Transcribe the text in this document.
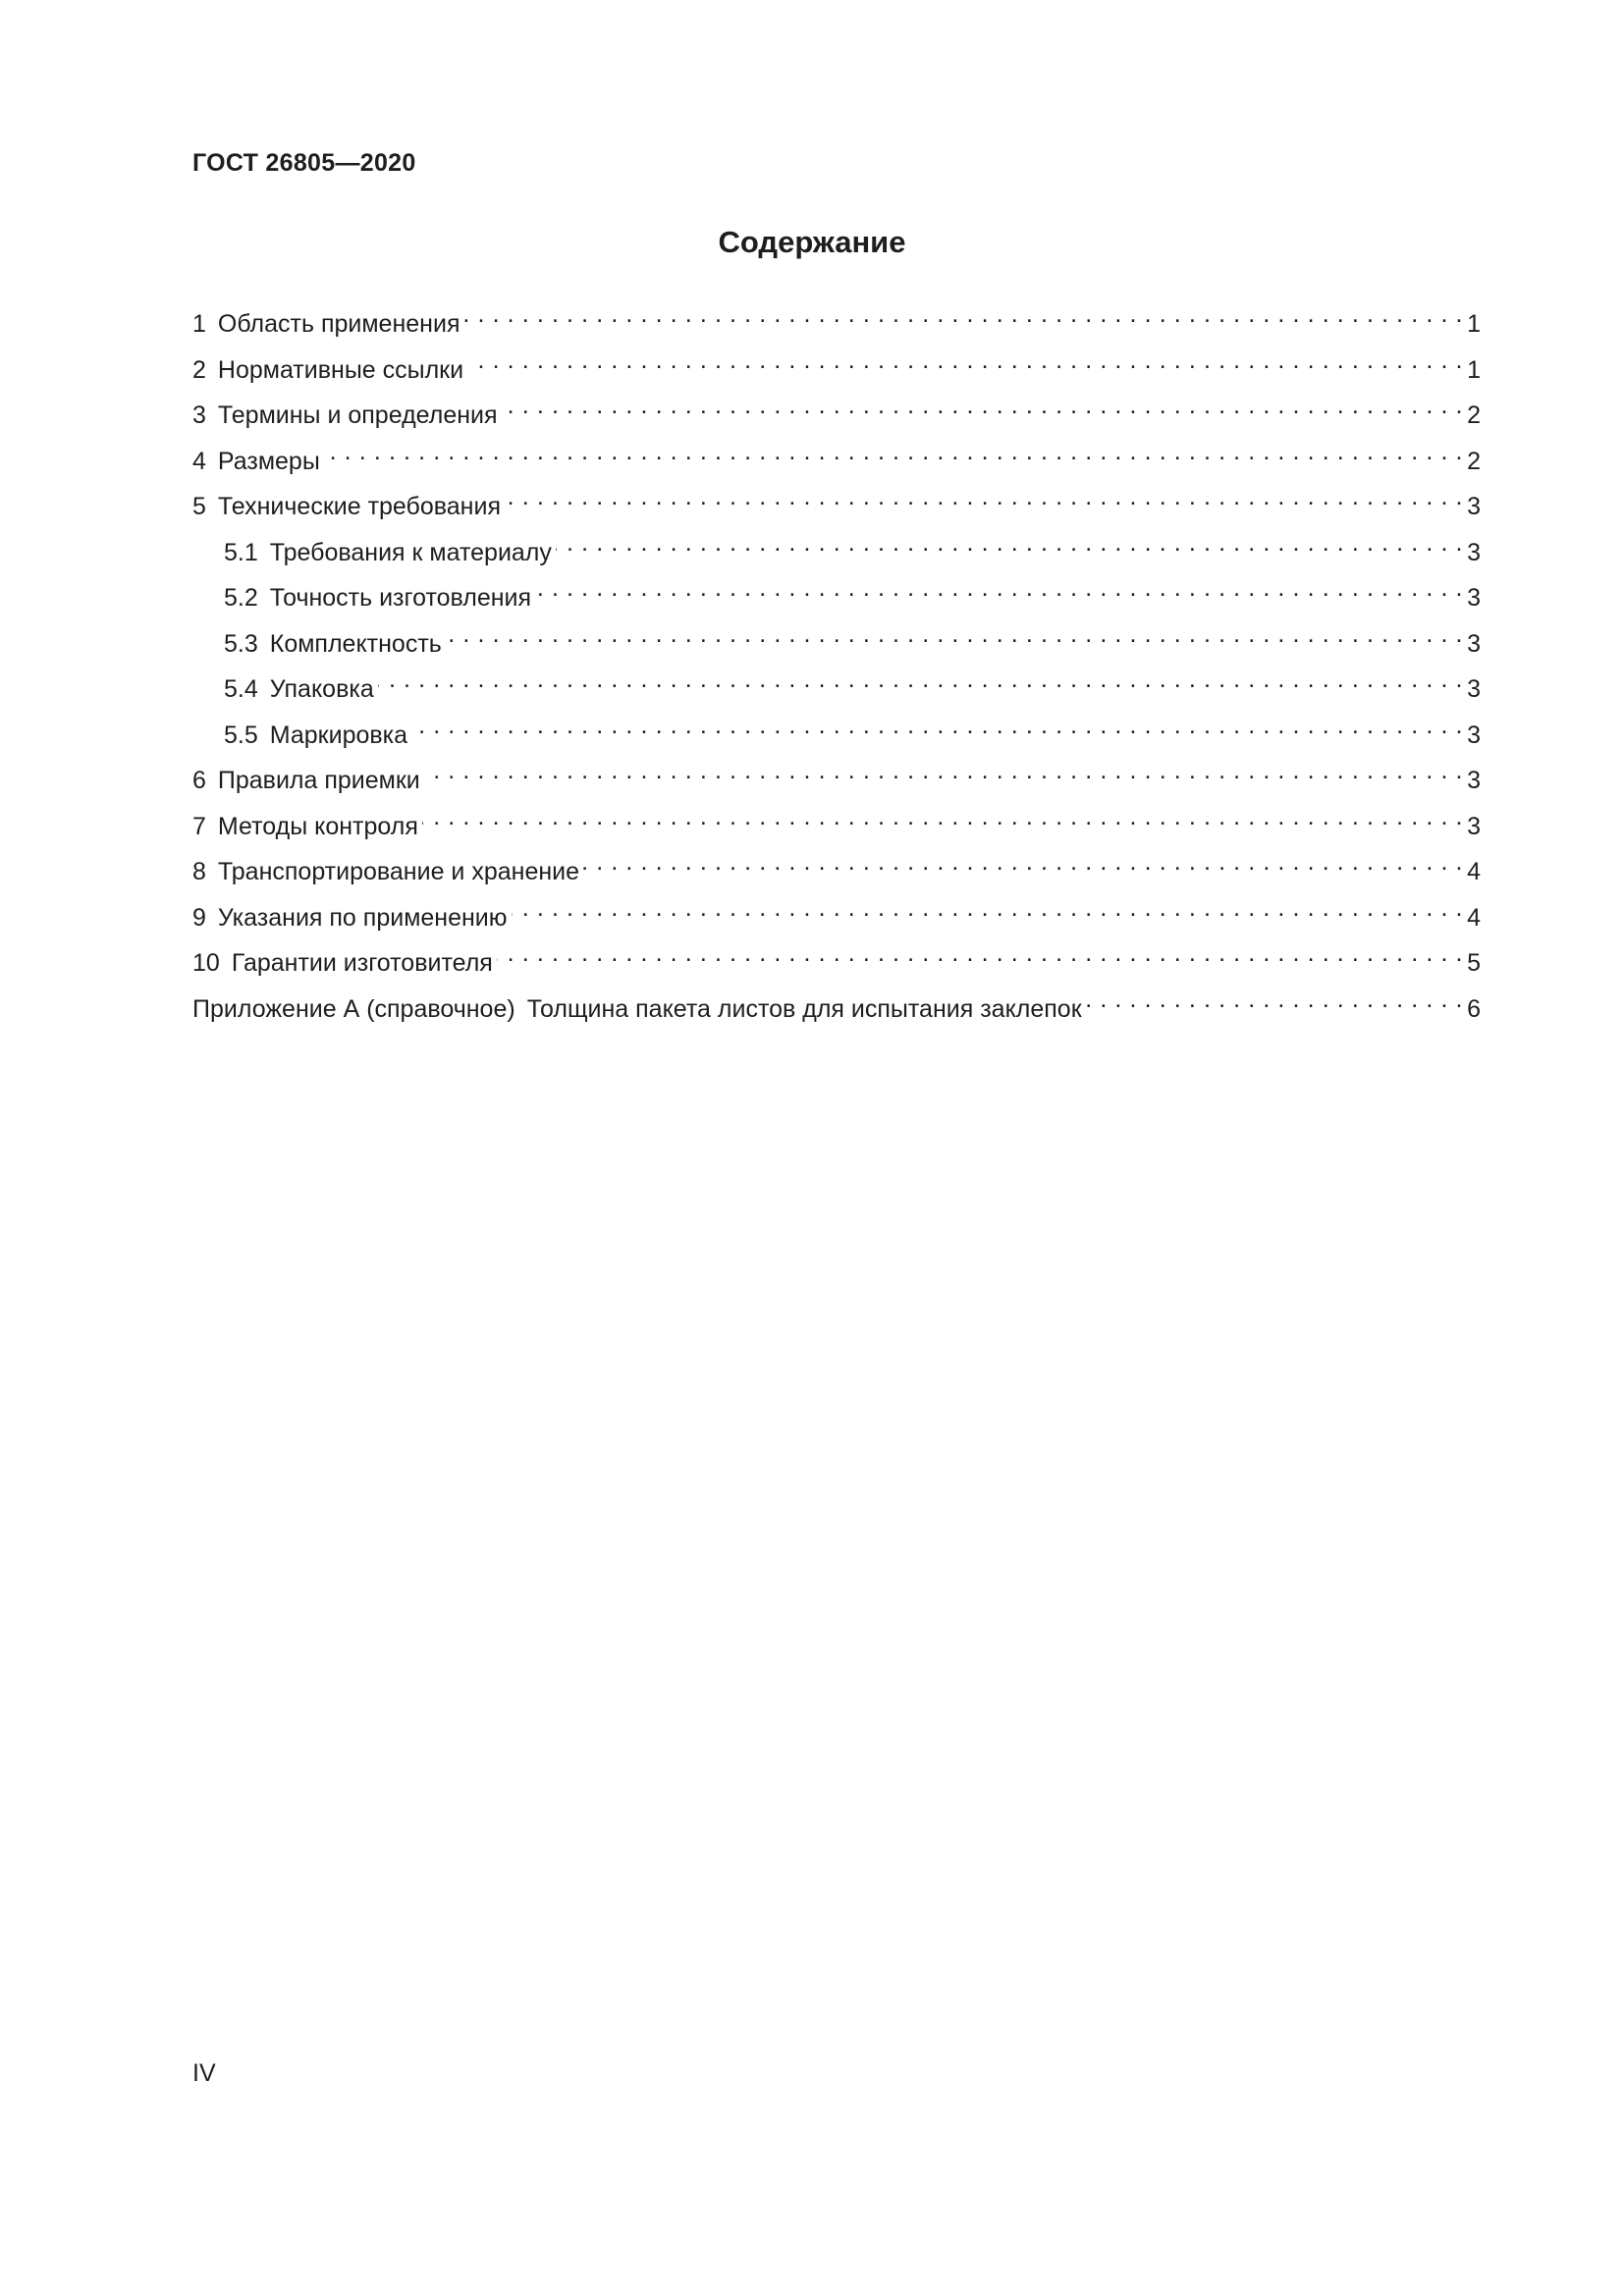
ГОСТ 26805—2020
Содержание
1 Область применения . . .	1
2 Нормативные ссылки . . .	1
3 Термины и определения . . .	2
4 Размеры . . .	2
5 Технические требования . . .	3
5.1 Требования к материалу . . .	3
5.2 Точность изготовления . . .	3
5.3 Комплектность . . .	3
5.4 Упаковка . . .	3
5.5 Маркировка . . .	3
6 Правила приемки . . .	3
7 Методы контроля . . .	3
8 Транспортирование и хранение . . .	4
9 Указания по применению . . .	4
10 Гарантии изготовителя . . .	5
Приложение А (справочное) Толщина пакета листов для испытания заклепок . . .	6
IV
